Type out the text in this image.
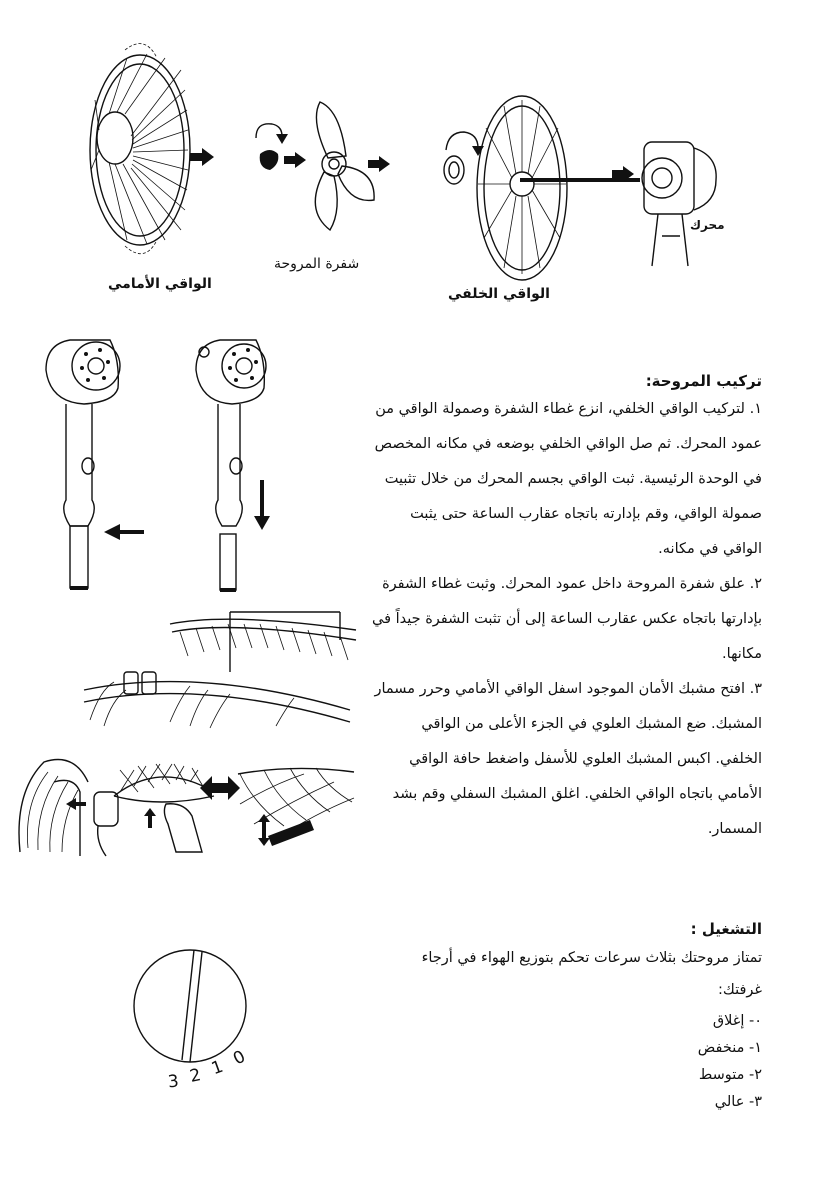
الواقي الأمامي
شفرة المروحة
الواقي الخلفي
محرك
تركيب المروحة:

١. لتركيب الواقي الخلفي، انزع غطاء الشفرة وصمولة الواقي من عمود المحرك. ثم صل الواقي الخلفي بوضعه في مكانه المخصص في الوحدة الرئيسية. ثبت الواقي بجسم المحرك من خلال تثبيت صمولة الواقي، وقم بإدارته باتجاه عقارب الساعة حتى يثبت الواقي في مكانه.

٢. علق شفرة المروحة داخل عمود المحرك. وثبت غطاء الشفرة بإدارتها باتجاه عكس عقارب الساعة إلى أن تثبت الشفرة جيداً في مكانها.

٣. افتح مشبك الأمان الموجود اسفل الواقي الأمامي وحرر مسمار المشبك. ضع المشبك العلوي في الجزء الأعلى من الواقي الخلفي. اكبس المشبك العلوي للأسفل واضغط حافة الواقي الأمامي باتجاه الواقي الخلفي. اغلق المشبك السفلي وقم بشد المسمار.

التشغيل :
تمتاز مروحتك بثلاث سرعات تحكم بتوزيع الهواء في أرجاء غرفتك:
٠- إغلاق
١- منخفض
٢- متوسط
٣- عالي
3 2 1 0
